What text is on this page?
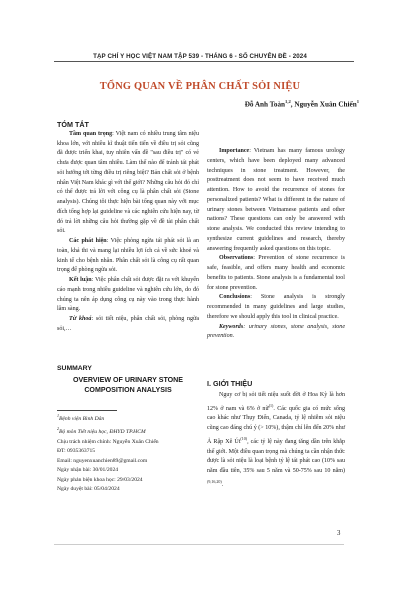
TẠP CHÍ Y HỌC VIỆT NAM TẬP 539 - THÁNG 6 - SỐ CHUYÊN ĐỀ - 2024
TỔNG QUAN VỀ PHÂN CHẤT SỎI NIỆU
Đỗ Anh Toàn$^{1,2}$, Nguyễn Xuân Chiến$^1$

TÓM TẮT

Tầm quan trọng: Việt nam có nhiều trung tâm niệu khoa lớn, với nhiều kĩ thuật tiến tiến về điều trị sỏi cũng đã được triển khai, tuy nhiên vấn đề "sau điều trị" có vẻ chưa được quan tâm nhiều. Làm thế nào để tránh tái phát sỏi hướng tới từng điều trị riêng biệt? Bản chất sỏi ở bệnh nhân Việt Nam khác gì với thế giới? Những câu hỏi đó chỉ có thể được trả lời với công cụ là phân chất sỏi (Stone analysis). Chúng tôi thực hiện bài tổng quan này với mục đích tổng hợp lại guideline và các nghiên cứu hiện nay, từ đó trả lời những câu hỏi thường gặp về đề tài phân chất sỏi.

Các phát hiện: Việc phòng ngừa tái phát sỏi là an toàn, khả thi và mang lại nhiều lợi ích cả về sức khoẻ và kinh tế cho bệnh nhân. Phân chất sỏi là công cụ rất quan trọng để phòng ngừa sỏi.

Kết luận: Việc phân chất sỏi được đặt ra với khuyến cáo mạnh trong nhiều guideline và nghiên cứu lớn, do đó chúng ta nên áp dụng công cụ này vào trong thực hành lâm sàng.

Từ khoá: sỏi tiết niệu, phân chất sỏi, phòng ngừa sỏi,…

Importance: Vietnam has many famous urology centers, which have been deployed many advanced techniques in stone treatment. However, the posttreatment does not seem to have received much attention. How to avoid the recurrence of stones for personalized patients? What is different in the nature of urinary stones between Vietnamese patients and other nations? These questions can only be answered with stone analysis. We conducted this review intending to synthesize current guidelines and research, thereby answering frequently asked questions on this topic.

Observations: Prevention of stone recurrence is safe, feasible, and offers many health and economic benefits to patients. Stone analysis is a fundamental tool for stone prevention.

Conclusions: Stone analysis is strongly recommended in many guidelines and large studies, therefore we should apply this tool in clinical practice.

Keywords: urinary stones, stone analysis, stone prevention.

SUMMARY
OVERVIEW OF URINARY STONE
COMPOSITION ANALYSIS
$^1$Bệnh viện Bình Dân
$^2$Bộ môn Tiết niệu học, ĐHYD TP.HCM
Chịu trách nhiệm chính: Nguyễn Xuân Chiến
ĐT: 0935363715
Email: nguyenxuanchien89@gmail.com
Ngày nhận bài: 30/01/2024
Ngày phản biện khoa học: 29/03/2024
Ngày duyệt bài: 05/04/2024

I. GIỚI THIỆU

Nguy cơ bị sỏi tiết niệu suốt đời ở Hoa Kỳ là hơn 12% ở nam và 6% ở nữ$^{(1)}$. Các quốc gia có mức sống cao khác như Thụy Điển, Canada, tỷ lệ nhiễm sỏi niệu cũng cao đáng chú ý (> 10%), thậm chí lên đến 20% như Ả Rập Xê $Út^{(10)}$, các tỷ lệ này đang tăng dần trên khắp thế giới. Một điều quan trọng mà chúng ta cần nhận thức được là sỏi niệu là loại bệnh tỷ lệ tái phát cao (10% sau năm đầu tiên, 35% sau 5 năm và 50-75% sau 10 năm)$^{(9,16,20)}$.

3
